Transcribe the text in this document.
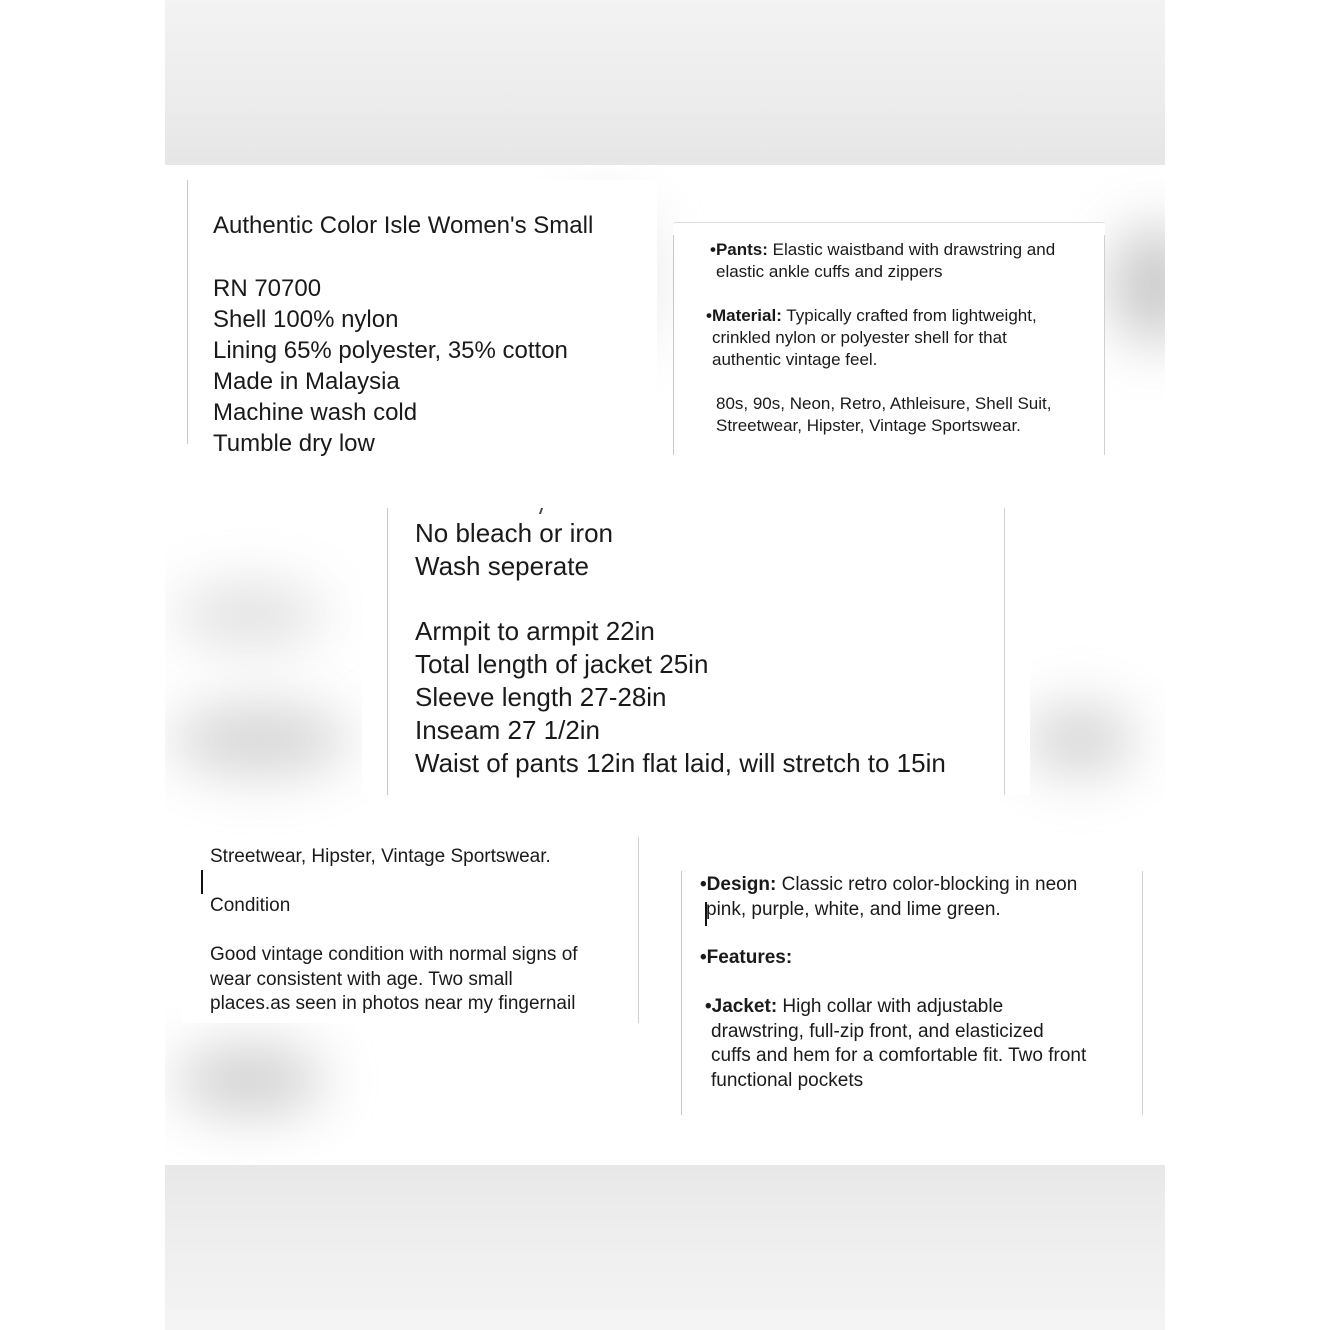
Authentic Color Isle Women's Small
RN 70700
Shell 100% nylon
Lining 65% polyester, 35% cotton
Made in Malaysia
Machine wash cold
Tumble dry low
•Pants: Elastic waistband with drawstring and
elastic ankle cuffs and zippers
•Material: Typically crafted from lightweight,
crinkled nylon or polyester shell for that
authentic vintage feel.
80s, 90s, Neon, Retro, Athleisure, Shell Suit,
Streetwear, Hipster, Vintage Sportswear.
No bleach or iron
Wash seperate
Armpit to armpit 22in
Total length of jacket 25in
Sleeve length 27-28in
Inseam 27 1/2in
Waist of pants 12in flat laid, will stretch to 15in
Streetwear, Hipster, Vintage Sportswear.
Condition
Good vintage condition with normal signs of
wear consistent with age. Two small
places.as seen in photos near my fingernail
•Design: Classic retro color-blocking in neon
pink, purple, white, and lime green.
•Features:
•Jacket: High collar with adjustable
drawstring, full-zip front, and elasticized
cuffs and hem for a comfortable fit. Two front
functional pockets
